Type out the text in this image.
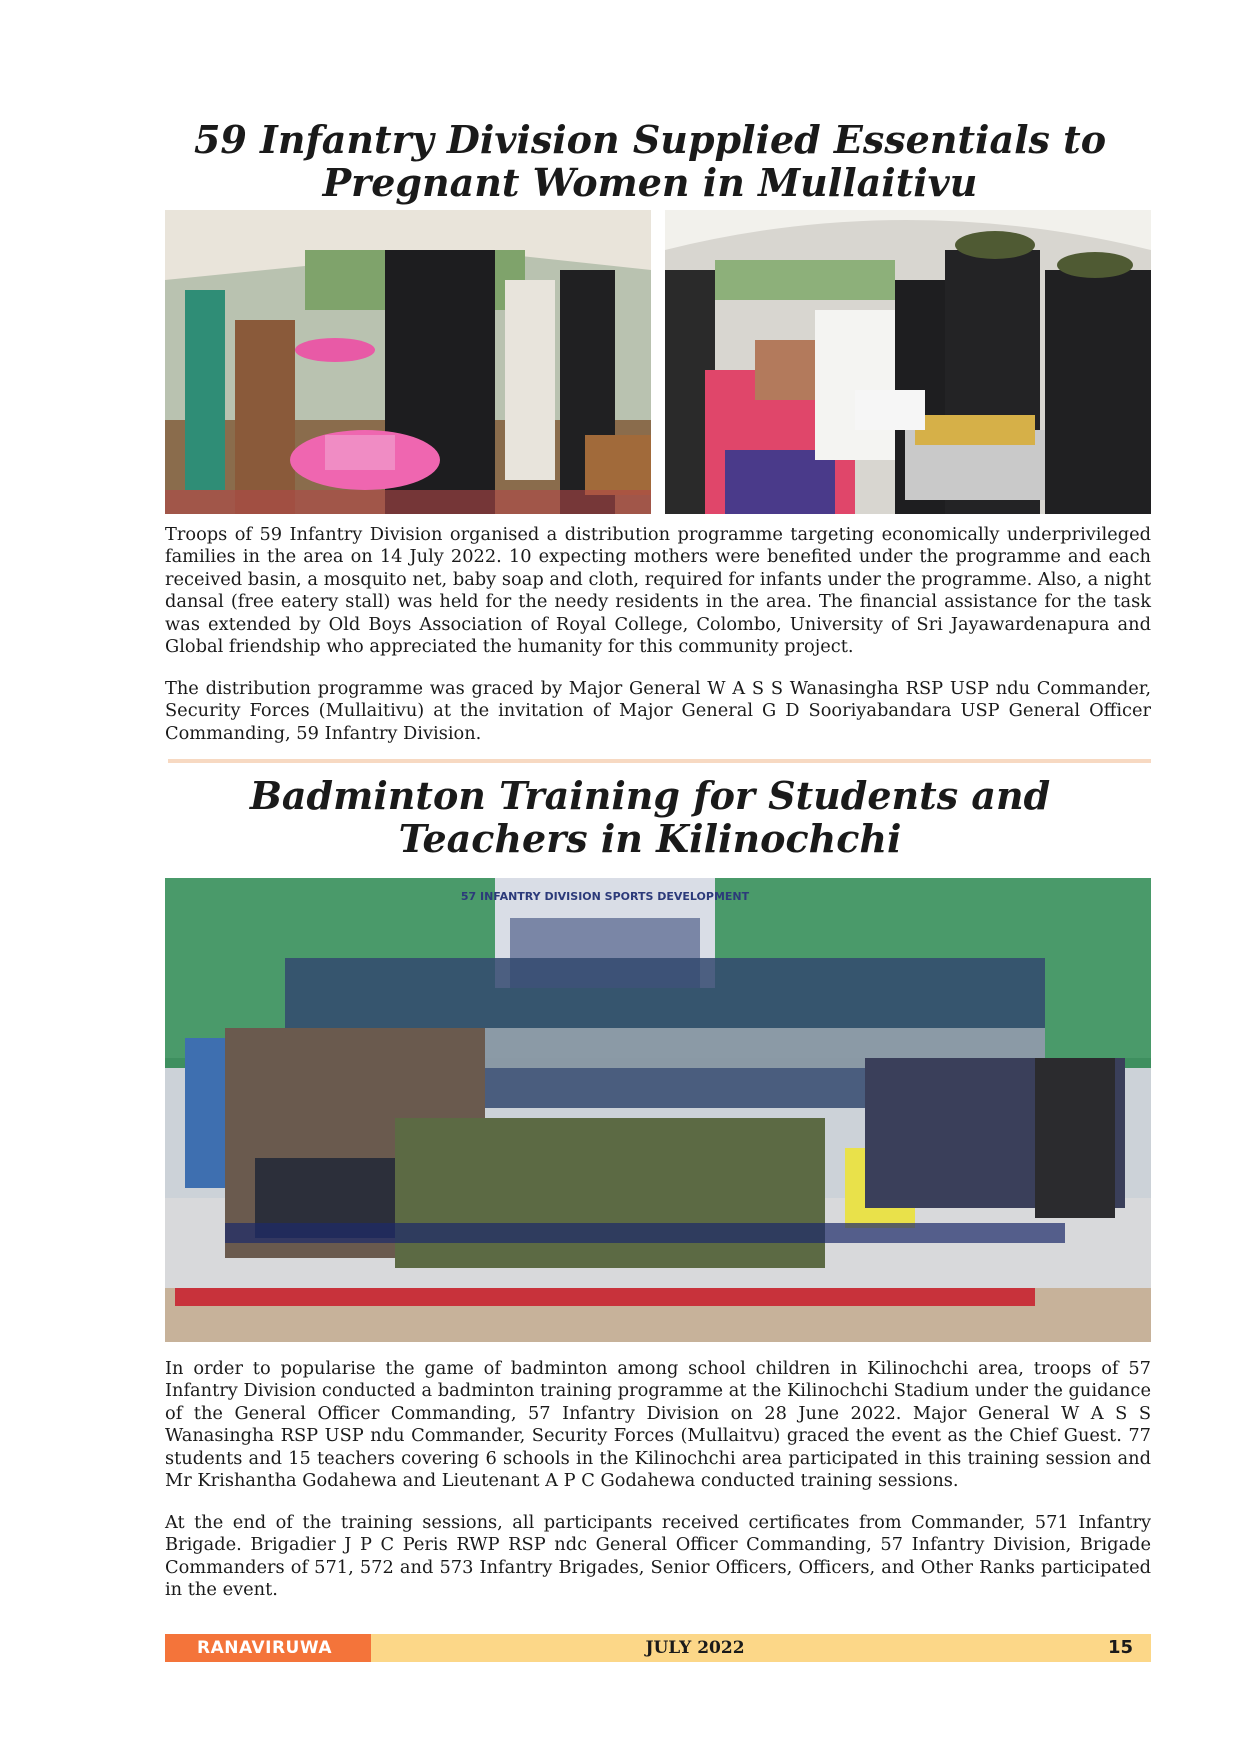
59 Infantry Division Supplied Essentials to Pregnant Women in Mullaitivu

Troops of 59 Infantry Division organised a distribution programme targeting economically underprivileged families in the area on 14 July 2022. 10 expecting mothers were benefited under the programme and each received basin, a mosquito net, baby soap and cloth, required for infants under the programme. Also, a night dansal (free eatery stall) was held for the needy residents in the area. The financial assistance for the task was extended by Old Boys Association of Royal College, Colombo, University of Sri Jayawardenapura and Global friendship who appreciated the humanity for this community project.

The distribution programme was graced by Major General W A S S Wanasingha RSP USP ndu Commander, Security Forces (Mullaitivu) at the invitation of Major General G D Sooriyabandara USP General Officer Commanding, 59 Infantry Division.

Badminton Training for Students and Teachers in Kilinochchi
57 INFANTRY DIVISION SPORTS DEVELOPMENT

In order to popularise the game of badminton among school children in Kilinochchi area, troops of 57 Infantry Division conducted a badminton training programme at the Kilinochchi Stadium under the guidance of the General Officer Commanding, 57 Infantry Division on 28 June 2022. Major General W A S S Wanasingha RSP USP ndu Commander, Security Forces (Mullaitvu) graced the event as the Chief Guest. 77 students and 15 teachers covering 6 schools in the Kilinochchi area participated in this training session and Mr Krishantha Godahewa and Lieutenant A P C Godahewa conducted training sessions.

At the end of the training sessions, all participants received certificates from Commander, 571 Infantry Brigade. Brigadier J P C Peris RWP RSP ndc General Officer Commanding, 57 Infantry Division, Brigade Commanders of 571, 572 and 573 Infantry Brigades, Senior Officers, Officers, and Other Ranks participated in the event.

RANAVIRUWA	JULY 2022	15
